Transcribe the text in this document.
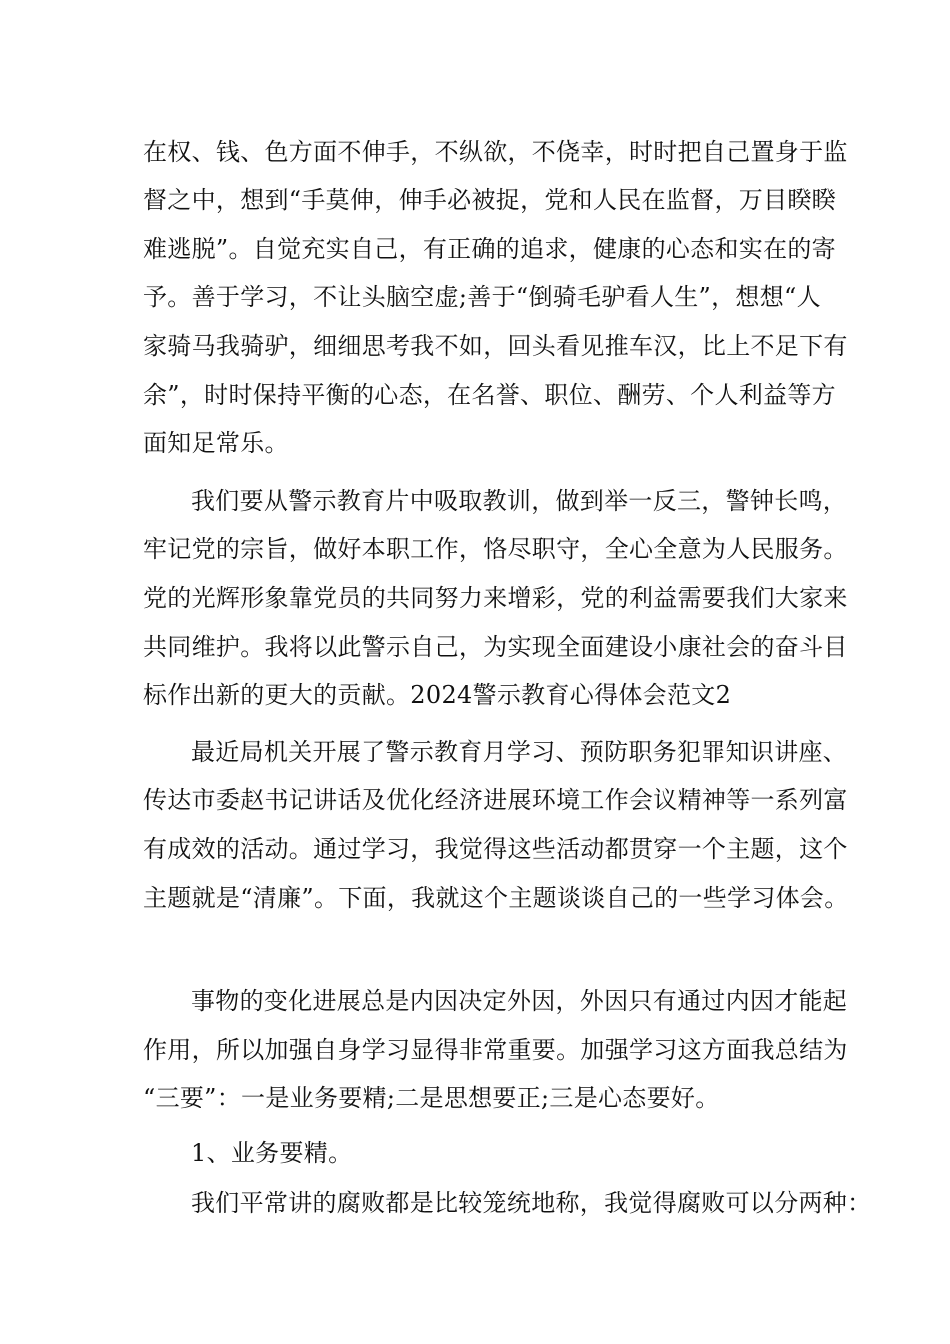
在权、钱、色方面不伸手，不纵欲，不侥幸，时时把自己置身于监
督之中，想到“手莫伸，伸手必被捉，党和人民在监督，万目睽睽
难逃脱”。自觉充实自己，有正确的追求，健康的心态和实在的寄
予。善于学习，不让头脑空虚;善于“倒骑毛驴看人生”，想想“人
家骑马我骑驴，细细思考我不如，回头看见推车汉，比上不足下有
余”，时时保持平衡的心态，在名誉、职位、酬劳、个人利益等方
面知足常乐。
我们要从警示教育片中吸取教训，做到举一反三，警钟长鸣，
牢记党的宗旨，做好本职工作，恪尽职守，全心全意为人民服务。
党的光辉形象靠党员的共同努力来增彩，党的利益需要我们大家来
共同维护。我将以此警示自己，为实现全面建设小康社会的奋斗目
标作出新的更大的贡献。2024警示教育心得体会范文2
最近局机关开展了警示教育月学习、预防职务犯罪知识讲座、
传达市委赵书记讲话及优化经济进展环境工作会议精神等一系列富
有成效的活动。通过学习，我觉得这些活动都贯穿一个主题，这个
主题就是“清廉”。下面，我就这个主题谈谈自己的一些学习体会。
事物的变化进展总是内因决定外因，外因只有通过内因才能起
作用，所以加强自身学习显得非常重要。加强学习这方面我总结为
“三要”：一是业务要精;二是思想要正;三是心态要好。
1、业务要精。
我们平常讲的腐败都是比较笼统地称，我觉得腐败可以分两种：
